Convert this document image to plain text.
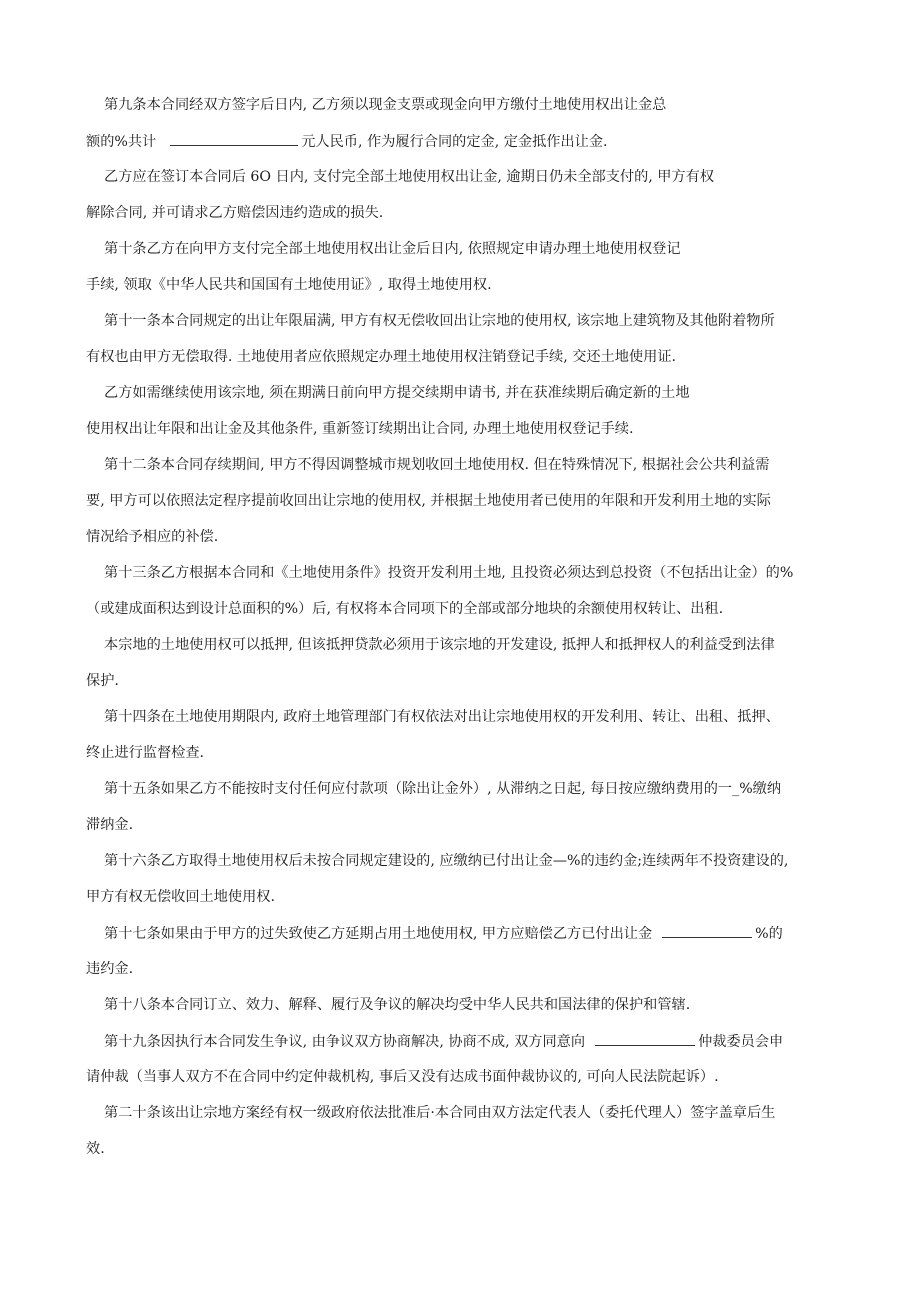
第九条本合同经双方签字后日内, 乙方须以现金支票或现金向甲方缴付土地使用权出让金总
额的%共计	元人民币, 作为履行合同的定金, 定金抵作出让金.
乙方应在签订本合同后 6O 日内, 支付完全部土地使用权出让金, 逾期日仍未全部支付的, 甲方有权
解除合同, 并可请求乙方赔偿因违约造成的损失.
第十条乙方在向甲方支付完全部土地使用权出让金后日内, 依照规定申请办理土地使用权登记
手续, 领取《中华人民共和国国有土地使用证》, 取得土地使用权.
第十一条本合同规定的出让年限届满, 甲方有权无偿收回出让宗地的使用权, 该宗地上建筑物及其他附着物所
有权也由甲方无偿取得. 土地使用者应依照规定办理土地使用权注销登记手续, 交还土地使用证.
乙方如需继续使用该宗地, 须在期满日前向甲方提交续期申请书, 并在获准续期后确定新的土地
使用权出让年限和出让金及其他条件, 重新签订续期出让合同, 办理土地使用权登记手续.
第十二条本合同存续期间, 甲方不得因调整城市规划收回土地使用权. 但在特殊情况下, 根据社会公共利益需
要, 甲方可以依照法定程序提前收回出让宗地的使用权, 并根据土地使用者已使用的年限和开发利用土地的实际
情况给予相应的补偿.
第十三条乙方根据本合同和《土地使用条件》投资开发利用土地, 且投资必须达到总投资（不包括出让金）的%
（或建成面积达到设计总面积的%）后, 有权将本合同项下的全部或部分地块的余额使用权转让、出租.
本宗地的土地使用权可以抵押, 但该抵押贷款必须用于该宗地的开发建设, 抵押人和抵押权人的利益受到法律
保护.
第十四条在土地使用期限内, 政府土地管理部门有权依法对出让宗地使用权的开发利用、转让、出租、抵押、
终止进行监督检查.
第十五条如果乙方不能按时支付任何应付款项（除出让金外）, 从滞纳之日起, 每日按应缴纳费用的一_%缴纳
滞纳金.
第十六条乙方取得土地使用权后未按合同规定建设的, 应缴纳已付出让金—%的违约金;连续两年不投资建设的,
甲方有权无偿收回土地使用权.
第十七条如果由于甲方的过失致使乙方延期占用土地使用权, 甲方应赔偿乙方已付出让金	%的
违约金.
第十八条本合同订立、效力、解释、履行及争议的解决均受中华人民共和国法律的保护和管辖.
第十九条因执行本合同发生争议, 由争议双方协商解决, 协商不成, 双方同意向	仲裁委员会申
请仲裁（当事人双方不在合同中约定仲裁机构, 事后又没有达成书面仲裁协议的, 可向人民法院起诉）.
第二十条该出让宗地方案经有权一级政府依法批准后·本合同由双方法定代表人（委托代理人）签字盖章后生
效.
